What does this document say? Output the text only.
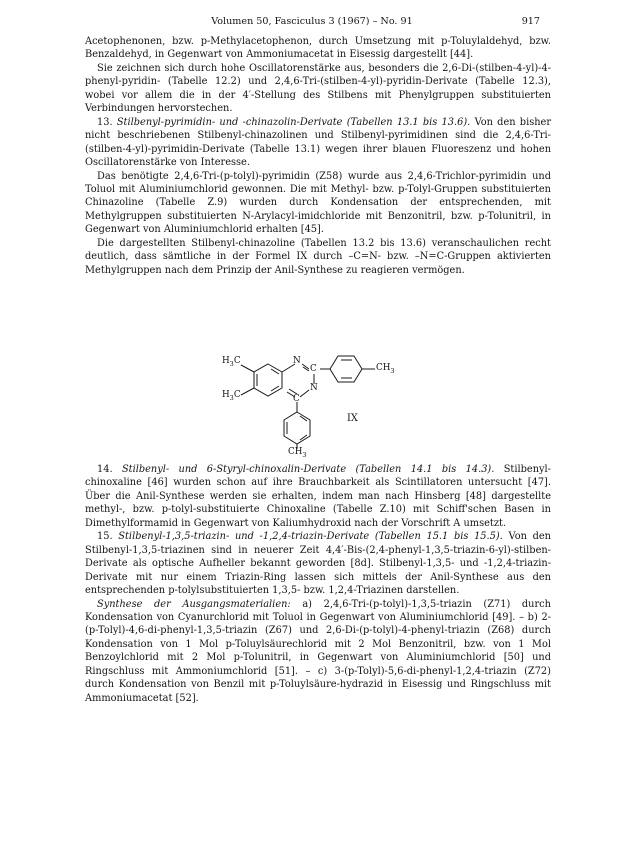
Volumen 50, Fasciculus 3 (1967) – No. 91	917

Acetophenonen, bzw. p-Methylacetophenon, durch Umsetzung mit p-Toluylaldehyd, bzw. Benzaldehyd, in Gegenwart von Ammoniumacetat in Eisessig dargestellt [44].

Sie zeichnen sich durch hohe Oscillatorenstärke aus, besonders die 2,6-Di-(stilben-4-yl)-4-phenyl-pyridin- (Tabelle 12.2) und 2,4,6-Tri-(stilben-4-yl)-pyridin-Derivate (Tabelle 12.3), wobei vor allem die in der 4′-Stellung des Stilbens mit Phenylgruppen substituierten Verbindungen hervorstechen.

13. Stilbenyl-pyrimidin- und -chinazolin-Derivate (Tabellen 13.1 bis 13.6). Von den bisher nicht beschriebenen Stilbenyl-chinazolinen und Stilbenyl-pyrimidinen sind die 2,4,6-Tri-(stilben-4-yl)-pyrimidin-Derivate (Tabelle 13.1) wegen ihrer blauen Fluoreszenz und hohen Oscillatorenstärke von Interesse.

Das benötigte 2,4,6-Tri-(p-tolyl)-pyrimidin (Z58) wurde aus 2,4,6-Trichlor-pyrimidin und Toluol mit Aluminiumchlorid gewonnen. Die mit Methyl- bzw. p-Tolyl-Gruppen substituierten Chinazoline (Tabelle Z.9) wurden durch Kondensation der entsprechenden, mit Methylgruppen substituierten N-Arylacyl-imidchloride mit Benzonitril, bzw. p-Tolunitril, in Gegenwart von Aluminiumchlorid erhalten [45].

Die dargestellten Stilbenyl-chinazoline (Tabellen 13.2 bis 13.6) veranschaulichen recht deutlich, dass sämtliche in der Formel IX durch –C=N- bzw. –N=C-Gruppen aktivierten Methylgruppen nach dem Prinzip der Anil-Synthese zu reagieren vermögen.

$H_3C$
$H_3C$
N
C
N
C
$CH_3$
$CH_3$
IX

14. Stilbenyl- und 6-Styryl-chinoxalin-Derivate (Tabellen 14.1 bis 14.3). Stilbenyl-chinoxaline [46] wurden schon auf ihre Brauchbarkeit als Scintillatoren untersucht [47]. Über die Anil-Synthese werden sie erhalten, indem man nach Hinsberg [48] dargestellte methyl-, bzw. p-tolyl-substituierte Chinoxaline (Tabelle Z.10) mit Schiff'schen Basen in Dimethylformamid in Gegenwart von Kaliumhydroxid nach der Vorschrift A umsetzt.

15. Stilbenyl-1,3,5-triazin- und -1,2,4-triazin-Derivate (Tabellen 15.1 bis 15.5). Von den Stilbenyl-1,3,5-triazinen sind in neuerer Zeit 4,4′-Bis-(2,4-phenyl-1,3,5-triazin-6-yl)-stilben-Derivate als optische Aufheller bekannt geworden [8d]. Stilbenyl-1,3,5- und -1,2,4-triazin-Derivate mit nur einem Triazin-Ring lassen sich mittels der Anil-Synthese aus den entsprechenden p-tolylsubstituierten 1,3,5- bzw. 1,2,4-Triazinen darstellen.

Synthese der Ausgangsmaterialien: a) 2,4,6-Tri-(p-tolyl)-1,3,5-triazin (Z71) durch Kondensation von Cyanurchlorid mit Toluol in Gegenwart von Aluminiumchlorid [49]. – b) 2-(p-Tolyl)-4,6-di-phenyl-1,3,5-triazin (Z67) und 2,6-Di-(p-tolyl)-4-phenyl-triazin (Z68) durch Kondensation von 1 Mol p-Toluylsäurechlorid mit 2 Mol Benzonitril, bzw. von 1 Mol Benzoylchlorid mit 2 Mol p-Tolunitril, in Gegenwart von Aluminiumchlorid [50] und Ringschluss mit Ammoniumchlorid [51]. – c) 3-(p-Tolyl)-5,6-di-phenyl-1,2,4-triazin (Z72) durch Kondensation von Benzil mit p-Toluylsäure-hydrazid in Eisessig und Ringschluss mit Ammoniumacetat [52].
